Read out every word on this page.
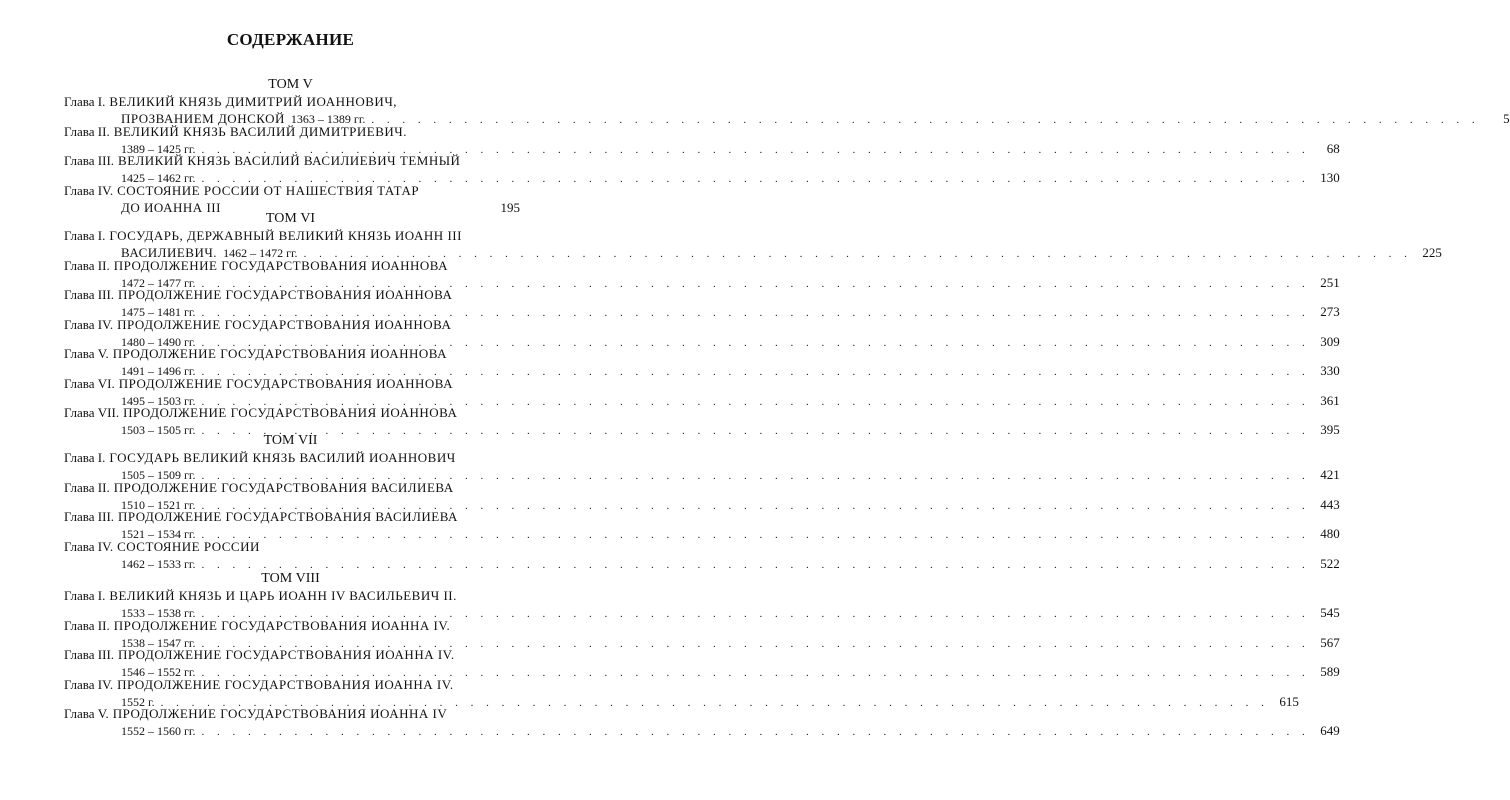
СОДЕРЖАНИЕ
ТОМ V
Глава I. ВЕЛИКИЙ КНЯЗЬ ДИМИТРИЙ ИОАННОВИЧ,
ПРОЗВАНИЕМ ДОНСКОЙ 1363 – 1389 гг. . . . . . . . . . . . . . . . . . . . . . . . . . . . . . . . . . . . . . . . . . . . . . . . . . . . . . . . . . . . . . . . . . . . . . . . .	5
Глава II. ВЕЛИКИЙ КНЯЗЬ ВАСИЛИЙ ДИМИТРИЕВИЧ.
1389 – 1425 гг. . . . . . . . . . . . . . . . . . . . . . . . . . . . . . . . . . . . . . . . . . . . . . . . . . . . . . . . . . . . . . . . . . . . . . . . .	68
Глава III. ВЕЛИКИЙ КНЯЗЬ ВАСИЛИЙ ВАСИЛИЕВИЧ ТЕМНЫЙ
1425 – 1462 гг. . . . . . . . . . . . . . . . . . . . . . . . . . . . . . . . . . . . . . . . . . . . . . . . . . . . . . . . . . . . . . . . . . . . . . . . . 130
Глава IV. СОСТОЯНИЕ РОССИИ ОТ НАШЕСТВИЯ ТАТАР
ДО ИОАННА III	195
ТОМ VI
Глава I. ГОСУДАРЬ, ДЕРЖАВНЫЙ ВЕЛИКИЙ КНЯЗЬ ИОАНН III
ВАСИЛИЕВИЧ. 1462 – 1472 гг. . . . . . . . . . . . . . . . . . . . . . . . . . . . . . . . . . . . . . . . . . . . . . . . . . . . . . . . . . . . . . . . . . . . . . . . . 225
Глава II. ПРОДОЛЖЕНИЕ ГОСУДАРСТВОВАНИЯ ИОАННОВА
1472 – 1477 гг. . . . . . . . . . . . . . . . . . . . . . . . . . . . . . . . . . . . . . . . . . . . . . . . . . . . . . . . . . . . . . . . . . . . . . . . . 251
Глава III. ПРОДОЛЖЕНИЕ ГОСУДАРСТВОВАНИЯ ИОАННОВА
1475 – 1481 гг. . . . . . . . . . . . . . . . . . . . . . . . . . . . . . . . . . . . . . . . . . . . . . . . . . . . . . . . . . . . . . . . . . . . . . . . . 273
Глава IV. ПРОДОЛЖЕНИЕ ГОСУДАРСТВОВАНИЯ ИОАННОВА
1480 – 1490 гг. . . . . . . . . . . . . . . . . . . . . . . . . . . . . . . . . . . . . . . . . . . . . . . . . . . . . . . . . . . . . . . . . . . . . . . . . 309
Глава V. ПРОДОЛЖЕНИЕ ГОСУДАРСТВОВАНИЯ ИОАННОВА
1491 – 1496 гг. . . . . . . . . . . . . . . . . . . . . . . . . . . . . . . . . . . . . . . . . . . . . . . . . . . . . . . . . . . . . . . . . . . . . . . . . 330
Глава VI. ПРОДОЛЖЕНИЕ ГОСУДАРСТВОВАНИЯ ИОАННОВА
1495 – 1503 гг. . . . . . . . . . . . . . . . . . . . . . . . . . . . . . . . . . . . . . . . . . . . . . . . . . . . . . . . . . . . . . . . . . . . . . . . . 361
Глава VII. ПРОДОЛЖЕНИЕ ГОСУДАРСТВОВАНИЯ ИОАННОВА
1503 – 1505 гг. . . . . . . . . . . . . . . . . . . . . . . . . . . . . . . . . . . . . . . . . . . . . . . . . . . . . . . . . . . . . . . . . . . . . . . . . 395
ТОМ VII
Глава I. ГОСУДАРЬ ВЕЛИКИЙ КНЯЗЬ ВАСИЛИЙ ИОАННОВИЧ
1505 – 1509 гг. . . . . . . . . . . . . . . . . . . . . . . . . . . . . . . . . . . . . . . . . . . . . . . . . . . . . . . . . . . . . . . . . . . . . . . . . 421
Глава II. ПРОДОЛЖЕНИЕ ГОСУДАРСТВОВАНИЯ ВАСИЛИЕВА
1510 – 1521 гг. . . . . . . . . . . . . . . . . . . . . . . . . . . . . . . . . . . . . . . . . . . . . . . . . . . . . . . . . . . . . . . . . . . . . . . . . 443
Глава III. ПРОДОЛЖЕНИЕ ГОСУДАРСТВОВАНИЯ ВАСИЛИЕВА
1521 – 1534 гг. . . . . . . . . . . . . . . . . . . . . . . . . . . . . . . . . . . . . . . . . . . . . . . . . . . . . . . . . . . . . . . . . . . . . . . . . 480
Глава IV. СОСТОЯНИЕ РОССИИ
1462 – 1533 гг. . . . . . . . . . . . . . . . . . . . . . . . . . . . . . . . . . . . . . . . . . . . . . . . . . . . . . . . . . . . . . . . . . . . . . . . . 522
ТОМ VIII
Глава I. ВЕЛИКИЙ КНЯЗЬ И ЦАРЬ ИОАНН IV ВАСИЛЬЕВИЧ II.
1533 – 1538 гг. . . . . . . . . . . . . . . . . . . . . . . . . . . . . . . . . . . . . . . . . . . . . . . . . . . . . . . . . . . . . . . . . . . . . . . . . 545
Глава II. ПРОДОЛЖЕНИЕ ГОСУДАРСТВОВАНИЯ ИОАННА IV.
1538 – 1547 гг. . . . . . . . . . . . . . . . . . . . . . . . . . . . . . . . . . . . . . . . . . . . . . . . . . . . . . . . . . . . . . . . . . . . . . . . . 567
Глава III. ПРОДОЛЖЕНИЕ ГОСУДАРСТВОВАНИЯ ИОАННА IV.
1546 – 1552 гг. . . . . . . . . . . . . . . . . . . . . . . . . . . . . . . . . . . . . . . . . . . . . . . . . . . . . . . . . . . . . . . . . . . . . . . . . 589
Глава IV. ПРОДОЛЖЕНИЕ ГОСУДАРСТВОВАНИЯ ИОАННА IV.
1552 г. . . . . . . . . . . . . . . . . . . . . . . . . . . . . . . . . . . . . . . . . . . . . . . . . . . . . . . . . . . . . . . . . . . . . . . . . 615
Глава V. ПРОДОЛЖЕНИЕ ГОСУДАРСТВОВАНИЯ ИОАННА IV
1552 – 1560 гг. . . . . . . . . . . . . . . . . . . . . . . . . . . . . . . . . . . . . . . . . . . . . . . . . . . . . . . . . . . . . . . . . . . . . . . . . 649
